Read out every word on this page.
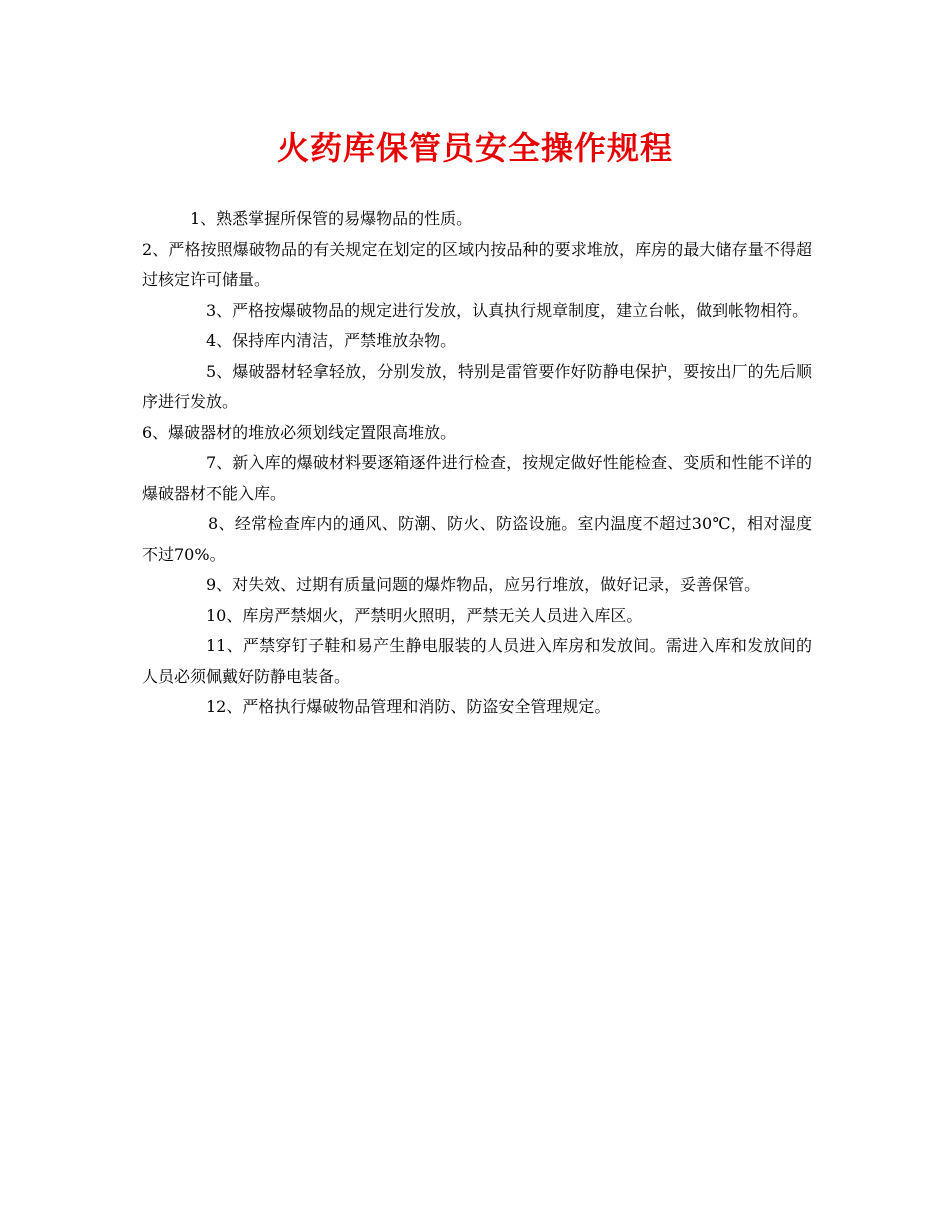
火药库保管员安全操作规程

1、熟悉掌握所保管的易爆物品的性质。

2、严格按照爆破物品的有关规定在划定的区域内按品种的要求堆放，库房的最大储存量不得超过核定许可储量。

3、严格按爆破物品的规定进行发放，认真执行规章制度，建立台帐，做到帐物相符。

4、保持库内清洁，严禁堆放杂物。

5、爆破器材轻拿轻放，分别发放，特别是雷管要作好防静电保护，要按出厂的先后顺序进行发放。

6、爆破器材的堆放必须划线定置限高堆放。

7、新入库的爆破材料要逐箱逐件进行检查，按规定做好性能检查、变质和性能不详的爆破器材不能入库。

8、经常检查库内的通风、防潮、防火、防盗设施。室内温度不超过30℃，相对湿度不过70%。

9、对失效、过期有质量问题的爆炸物品，应另行堆放，做好记录，妥善保管。

10、库房严禁烟火，严禁明火照明，严禁无关人员进入库区。

11、严禁穿钉子鞋和易产生静电服装的人员进入库房和发放间。需进入库和发放间的人员必须佩戴好防静电装备。

12、严格执行爆破物品管理和消防、防盗安全管理规定。
